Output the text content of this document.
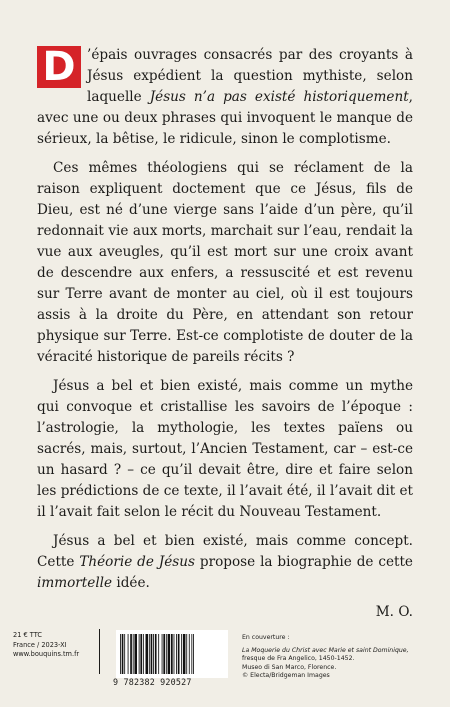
D ’épais ouvrages consacrés par des croyants à Jésus expédient la question mythiste, selon laquelle Jésus n’a pas existé historiquement, avec une ou deux phrases qui invoquent le manque de sérieux, la bêtise, le ridicule, sinon le complotisme.

Ces mêmes théologiens qui se réclament de la raison expliquent doctement que ce Jésus, fils de Dieu, est né d’une vierge sans l’aide d’un père, qu’il redonnait vie aux morts, marchait sur l’eau, rendait la vue aux aveugles, qu’il est mort sur une croix avant de descendre aux enfers, a ressuscité et est revenu sur Terre avant de monter au ciel, où il est toujours assis à la droite du Père, en attendant son retour physique sur Terre. Est-ce complotiste de douter de la véracité historique de pareils récits ?

Jésus a bel et bien existé, mais comme un mythe qui convoque et cristallise les savoirs de l’époque : l’astrologie, la mythologie, les textes païens ou sacrés, mais, surtout, l’Ancien Testament, car – est-ce un hasard ? – ce qu’il devait être, dire et faire selon les prédictions de ce texte, il l’avait été, il l’avait dit et il l’avait fait selon le récit du Nouveau Testament.

Jésus a bel et bien existé, mais comme concept. Cette Théorie de Jésus propose la biographie de cette immortelle idée.

M. O.

21 € TTC
France / 2023-XI
www.bouquins.tm.fr
9 782382 920527
En couverture :
La Moquerie du Christ avec Marie et saint Dominique,
fresque de Fra Angelico, 1450-1452.
Museo di San Marco, Florence.
© Electa/Bridgeman Images
